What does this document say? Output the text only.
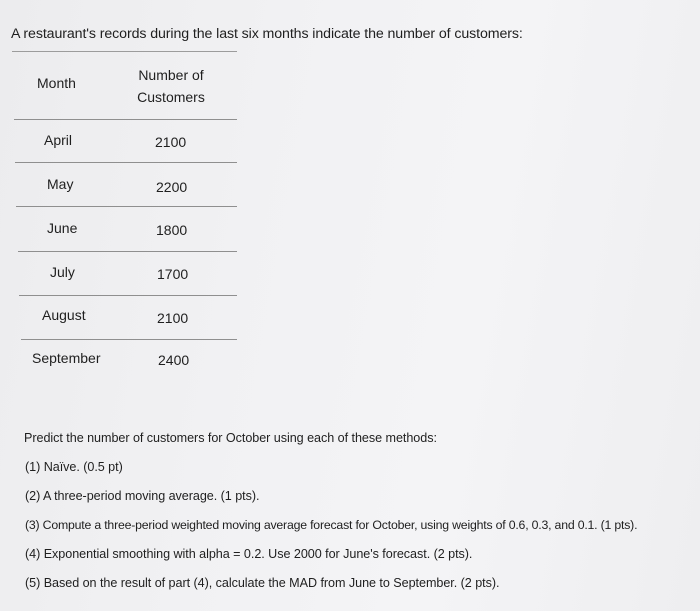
A restaurant's records during the last six months indicate the number of customers:
Month	Number of
Customers
April	2100
May	2200
June	1800
July	1700
August	2100
September	2400
Predict the number of customers for October using each of these methods:
(1) Naïve. (0.5 pt)
(2) A three-period moving average. (1 pts).
(3) Compute a three-period weighted moving average forecast for October, using weights of 0.6, 0.3, and 0.1. (1 pts).
(4) Exponential smoothing with alpha = 0.2. Use 2000 for June's forecast. (2 pts).
(5) Based on the result of part (4), calculate the MAD from June to September. (2 pts).
